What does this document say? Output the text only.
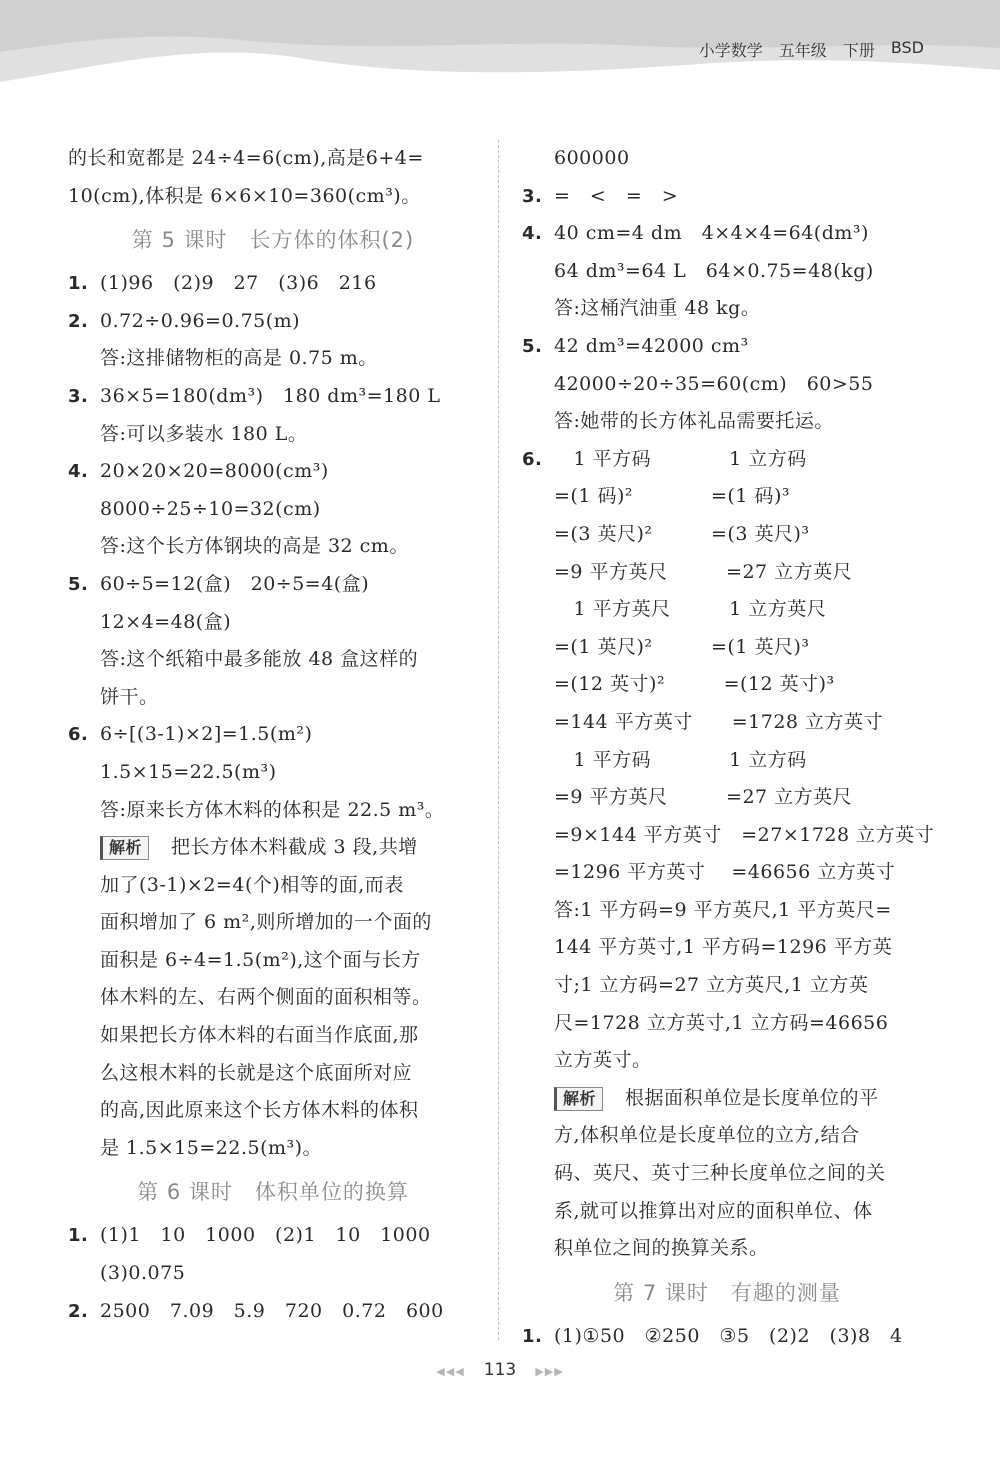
小学数学 五年级 下册 BSD
的长和宽都是 24÷4=6(cm),高是6+4=
10(cm),体积是 6×6×10=360(cm³)。
第 5 课时　长方体的体积(2)
1. (1)96　(2)9　27　(3)6　216
2. 0.72÷0.96=0.75(m)
答:这排储物柜的高是 0.75 m。
3. 36×5=180(dm³)　180 dm³=180 L
答:可以多装水 180 L。
4. 20×20×20=8000(cm³)
8000÷25÷10=32(cm)
答:这个长方体钢块的高是 32 cm。
5. 60÷5=12(盒)　20÷5=4(盒)
12×4=48(盒)
答:这个纸箱中最多能放 48 盒这样的
饼干。
6. 6÷[(3-1)×2]=1.5(m²)
1.5×15=22.5(m³)
答:原来长方体木料的体积是 22.5 m³。
解析 把长方体木料截成 3 段,共增
加了(3-1)×2=4(个)相等的面,而表
面积增加了 6 m²,则所增加的一个面的
面积是 6÷4=1.5(m²),这个面与长方
体木料的左、右两个侧面的面积相等。
如果把长方体木料的右面当作底面,那
么这根木料的长就是这个底面所对应
的高,因此原来这个长方体木料的体积
是 1.5×15=22.5(m³)。
第 6 课时　体积单位的换算
1. (1)1　10　1000　(2)1　10　1000
(3)0.075
2. 2500　7.09　5.9　720　0.72　600
600000
3. =　<　=　>
4. 40 cm=4 dm　4×4×4=64(dm³)
64 dm³=64 L　64×0.75=48(kg)
答:这桶汽油重 48 kg。
5. 42 dm³=42000 cm³
42000÷20÷35=60(cm)　60>55
答:她带的长方体礼品需要托运。
6. 　1 平方码　　　　1 立方码
=(1 码)²　　　　=(1 码)³
=(3 英尺)²　　　=(3 英尺)³
=9 平方英尺　　　=27 立方英尺
　1 平方英尺　　　1 立方英尺
=(1 英尺)²　　　=(1 英尺)³
=(12 英寸)²　　　=(12 英寸)³
=144 平方英寸　　=1728 立方英寸
　1 平方码　　　　1 立方码
=9 平方英尺　　　=27 立方英尺
=9×144 平方英寸　=27×1728 立方英寸
=1296 平方英寸　 =46656 立方英寸
答:1 平方码=9 平方英尺,1 平方英尺=
144 平方英寸,1 平方码=1296 平方英
寸;1 立方码=27 立方英尺,1 立方英
尺=1728 立方英寸,1 立方码=46656
立方英寸。
解析 根据面积单位是长度单位的平
方,体积单位是长度单位的立方,结合
码、英尺、英寸三种长度单位之间的关
系,就可以推算出对应的面积单位、体
积单位之间的换算关系。
第 7 课时　有趣的测量
1. (1)①50　②250　③5　(2)2　(3)8　4
◀◀◀ 113 ▶▶▶
